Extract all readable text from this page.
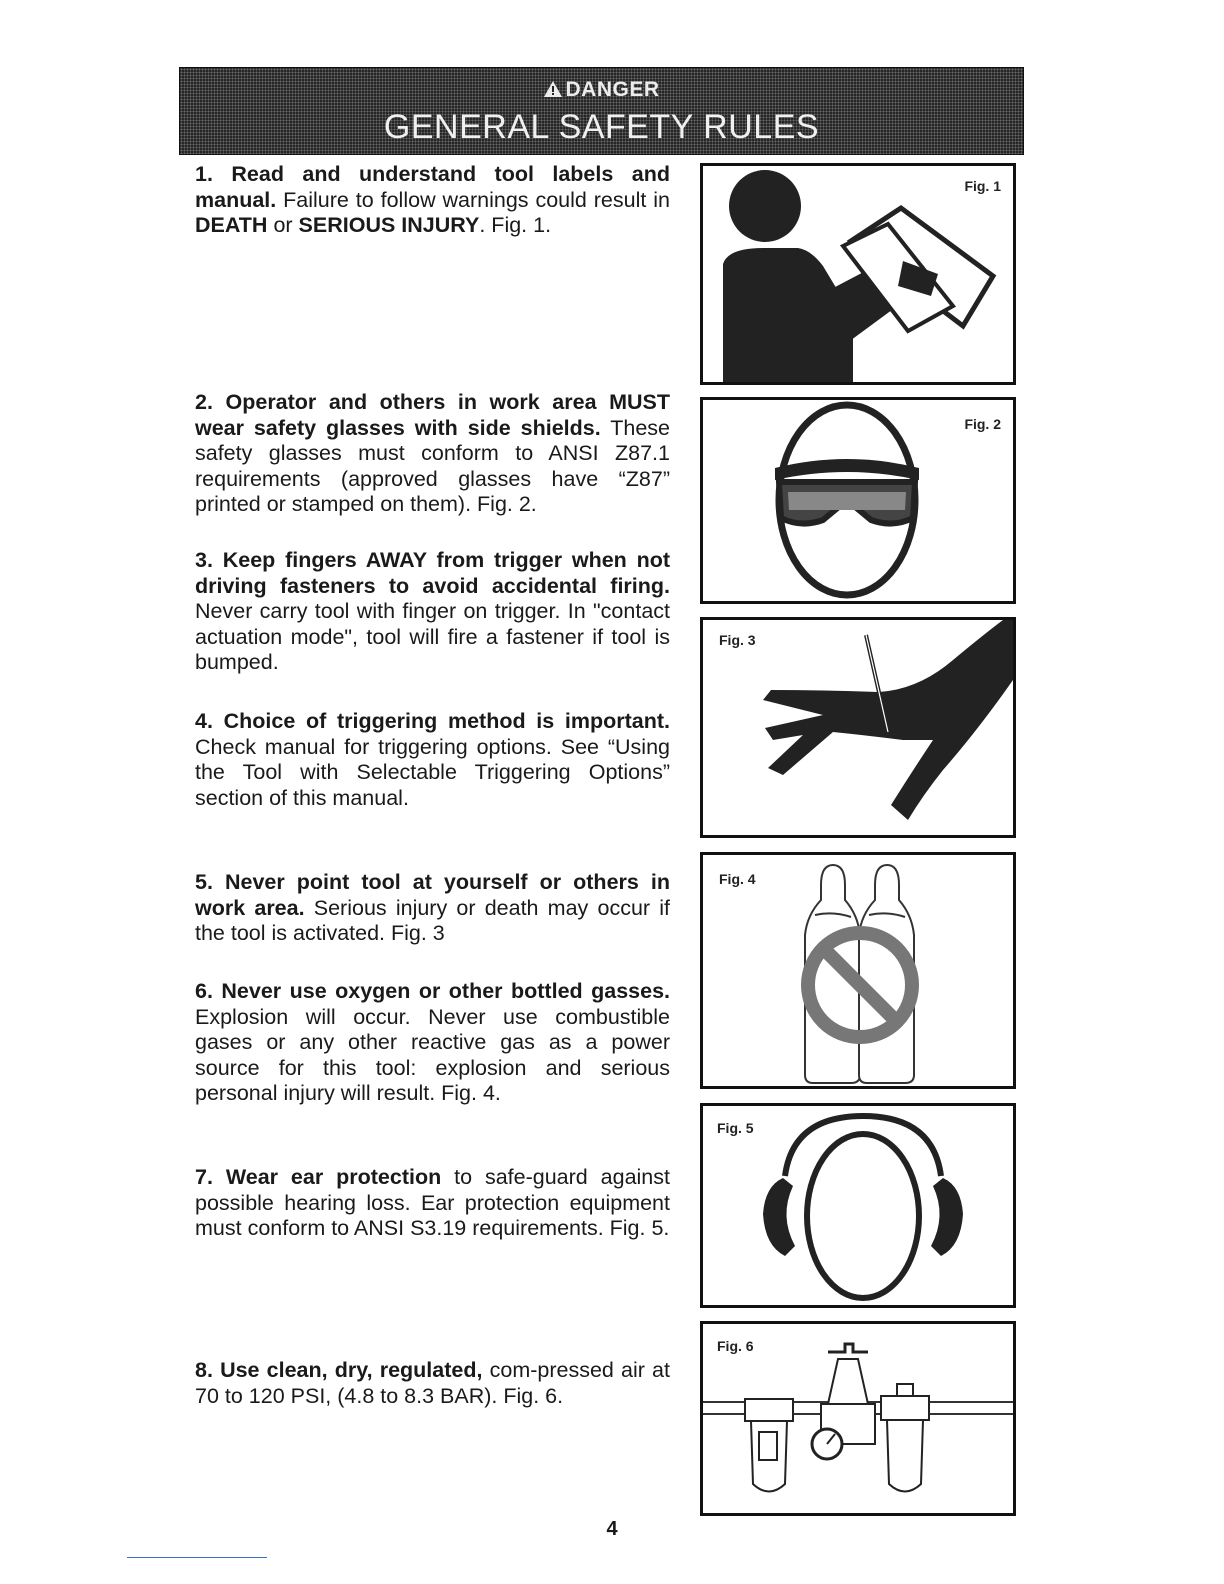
DANGER
GENERAL SAFETY RULES
1. Read and understand tool labels and manual. Failure to follow warnings could result in DEATH or SERIOUS INJURY. Fig. 1.
2. Operator and others in work area MUST wear safety glasses with side shields. These safety glasses must conform to ANSI Z87.1 requirements (approved glasses have “Z87” printed or stamped on them). Fig. 2.
3. Keep fingers AWAY from trigger when not driving fasteners to avoid accidental firing. Never carry tool with finger on trigger. In "contact actuation mode", tool will fire a fastener if tool is bumped.
4. Choice of triggering method is important. Check manual for triggering options. See “Using the Tool with Selectable Triggering Options” section of this manual.
5. Never point tool at yourself or others in work area. Serious injury or death may occur if the tool is activated. Fig. 3
6. Never use oxygen or other bottled gasses. Explosion will occur. Never use combustible gases or any other reactive gas as a power source for this tool: explosion and serious personal injury will result. Fig. 4.
7. Wear ear protection to safe-guard against possible hearing loss. Ear protection equipment must conform to ANSI S3.19 requirements. Fig. 5.
8. Use clean, dry, regulated, com-pressed air at 70 to 120 PSI, (4.8 to 8.3 BAR). Fig. 6.
Fig. 1
Fig. 2
Fig. 3
Fig. 4
Fig. 5
Fig. 6
4
